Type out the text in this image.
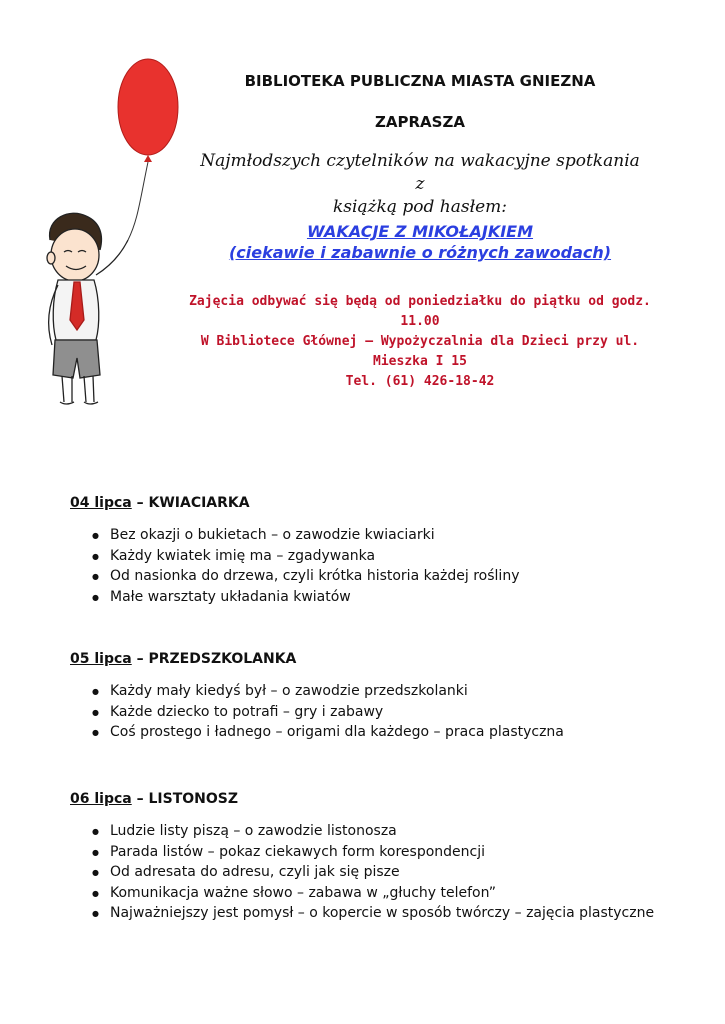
BIBLIOTEKA PUBLICZNA MIASTA GNIEZNA
ZAPRASZA
Najmłodszych czytelników na wakacyjne spotkania z
książką pod hasłem:
WAKACJE Z MIKOŁAJKIEM
(ciekawie i zabawnie o różnych zawodach)
Zajęcia odbywać się będą od poniedziałku do piątku od godz. 11.00
W Bibliotece Głównej – Wypożyczalnia dla Dzieci przy ul. Mieszka I 15
Tel. (61) 426-18-42
04 lipca – KWIACIARKA
● Bez okazji o bukietach – o zawodzie kwiaciarki
● Każdy kwiatek imię ma – zgadywanka
● Od nasionka do drzewa, czyli krótka historia każdej rośliny
● Małe warsztaty układania kwiatów
05 lipca – PRZEDSZKOLANKA
● Każdy mały kiedyś był – o zawodzie przedszkolanki
● Każde dziecko to potrafi – gry i zabawy
● Coś prostego i ładnego – origami dla każdego – praca plastyczna
06 lipca – LISTONOSZ
● Ludzie listy piszą – o zawodzie listonosza
● Parada listów – pokaz ciekawych form korespondencji
● Od adresata do adresu, czyli jak się pisze
● Komunikacja ważne słowo – zabawa w „głuchy telefon”
● Najważniejszy jest pomysł – o kopercie w sposób twórczy – zajęcia plastyczne
